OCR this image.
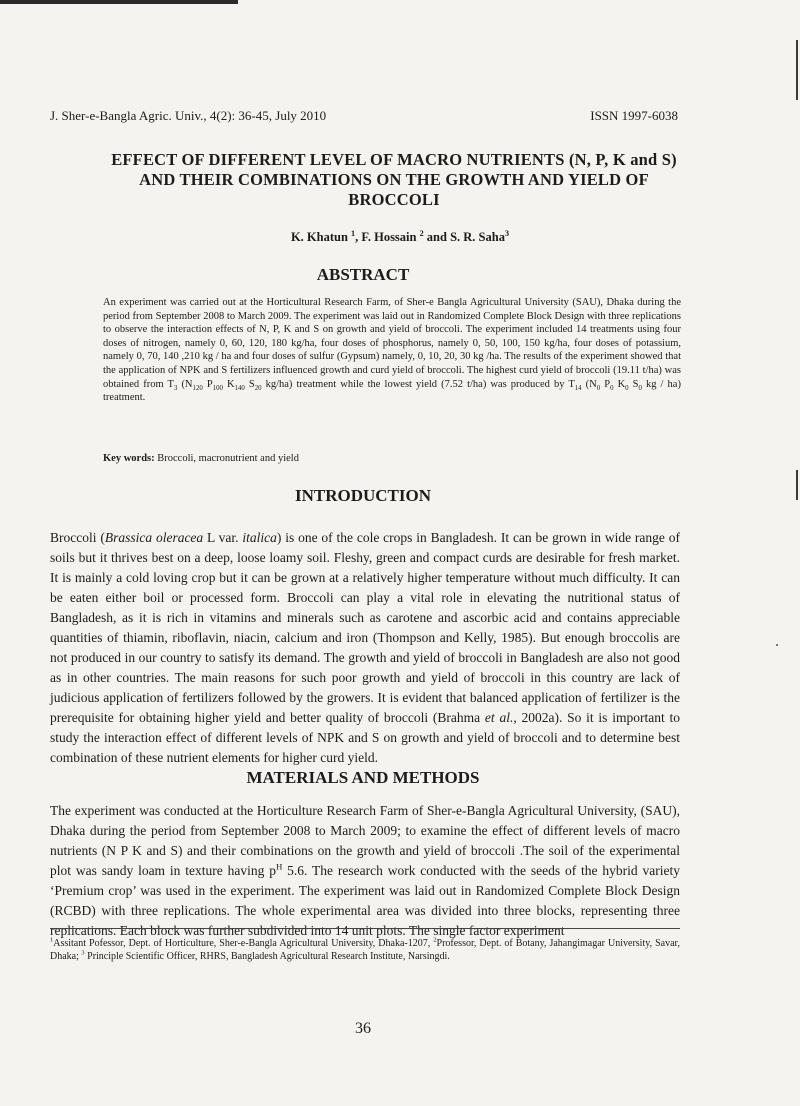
J. Sher-e-Bangla Agric. Univ., 4(2): 36-45, July 2010	ISSN 1997-6038
EFFECT OF DIFFERENT LEVEL OF MACRO NUTRIENTS (N, P, K and S)
AND THEIR COMBINATIONS ON THE GROWTH AND YIELD OF
BROCCOLI
K. Khatun $^1$, F. Hossain $^2$ and S. R. Saha$^3$
ABSTRACT
An experiment was carried out at the Horticultural Research Farm, of Sher-e Bangla Agricultural University (SAU), Dhaka during the period from September 2008 to March 2009. The experiment was laid out in Randomized Complete Block Design with three replications to observe the interaction effects of N, P, K and S on growth and yield of broccoli. The experiment included 14 treatments using four doses of nitrogen, namely 0, 60, 120, 180 kg/ha, four doses of phosphorus, namely 0, 50, 100, 150 kg/ha, four doses of potassium, namely 0, 70, 140 ,210 kg / ha and four doses of sulfur (Gypsum) namely, 0, 10, 20, 30 kg /ha. The results of the experiment showed that the application of NPK and S fertilizers influenced growth and curd yield of broccoli. The highest curd yield of broccoli (19.11 t/ha) was obtained from $T_3$ ($N_{120}$ $P_{100}$ $K_{140}$ $S_{20}$ kg/ha) treatment while the lowest yield (7.52 t/ha) was produced by $T_{14}$ ($N_0$ $P_0$ $K_0$ $S_0$ kg / ha) treatment.
Key words: Broccoli, macronutrient and yield
INTRODUCTION
Broccoli (Brassica oleracea L var. italica) is one of the cole crops in Bangladesh. It can be grown in wide range of soils but it thrives best on a deep, loose loamy soil. Fleshy, green and compact curds are desirable for fresh market. It is mainly a cold loving crop but it can be grown at a relatively higher temperature without much difficulty. It can be eaten either boil or processed form. Broccoli can play a vital role in elevating the nutritional status of Bangladesh, as it is rich in vitamins and minerals such as carotene and ascorbic acid and contains appreciable quantities of thiamin, riboflavin, niacin, calcium and iron (Thompson and Kelly, 1985). But enough broccolis are not produced in our country to satisfy its demand. The growth and yield of broccoli in Bangladesh are also not good as in other countries. The main reasons for such poor growth and yield of broccoli in this country are lack of judicious application of fertilizers followed by the growers. It is evident that balanced application of fertilizer is the prerequisite for obtaining higher yield and better quality of broccoli (Brahma et al., 2002a). So it is important to study the interaction effect of different levels of NPK and S on growth and yield of broccoli and to determine best combination of these nutrient elements for higher curd yield.
MATERIALS AND METHODS
The experiment was conducted at the Horticulture Research Farm of Sher-e-Bangla Agricultural University, (SAU), Dhaka during the period from September 2008 to March 2009; to examine the effect of different levels of macro nutrients (N P K and S) and their combinations on the growth and yield of broccoli .The soil of the experimental plot was sandy loam in texture having $p^H$ 5.6. The research work conducted with the seeds of the hybrid variety ‘Premium crop’ was used in the experiment. The experiment was laid out in Randomized Complete Block Design (RCBD) with three replications. The whole experimental area was divided into three blocks, representing three replications. Each block was further subdivided into 14 unit plots. The single factor experiment
$^1$Assitant Pofessor, Dept. of Horticulture, Sher-e-Bangla Agricultural University, Dhaka-1207, $^2$Professor, Dept. of Botany, Jahangimagar University, Savar, Dhaka; $^3$ Principle Scientific Officer, RHRS, Bangladesh Agricultural Research Institute, Narsingdi.
36
